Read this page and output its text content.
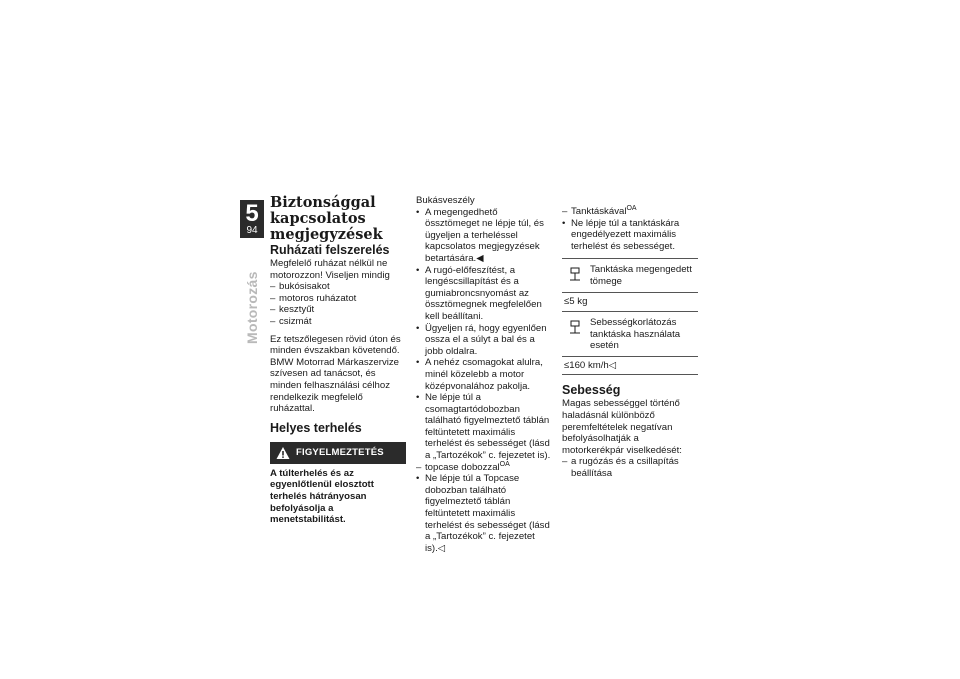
5
94
Motorozás

Biztonsággal kapcsolatos megjegyzések

Ruházati felszerelés

Megfelelő ruházat nélkül ne motorozzon! Viseljen mindig

– bukósisakot

– motoros ruházatot

– kesztyűt

– csizmát

Ez tetszőlegesen rövid úton és minden évszakban követendő. BMW Motorrad Márkaszervize szívesen ad tanácsot, és minden felhasználási célhoz rendelkezik megfelelő ruházattal.

Helyes terhelés

FIGYELMEZTETÉS

A túlterhelés és az egyenlőtlenül elosztott terhelés hátrányosan befolyásolja a menetstabilitást.

Bukásveszély

• A megengedhető össztömeget ne lépje túl, és ügyeljen a terheléssel kapcsolatos megjegyzések betartására.◀

• A rugó-előfeszítést, a lengéscsillapítást és a gumiabroncsnyomást az össztömegnek megfelelően kell beállítani.

• Ügyeljen rá, hogy egyenlően ossza el a súlyt a bal és a jobb oldalra.

• A nehéz csomagokat alulra, minél közelebb a motor középvonalához pakolja.

• Ne lépje túl a csomagtartódobozban található figyelmeztető táblán feltüntetett maximális terhelést és sebességet (lásd a „Tartozékok” c. fejezetet is).

– topcase dobozzal$^{OA}$

• Ne lépje túl a Topcase dobozban található figyelmeztető táblán feltüntetett maximális terhelést és sebességet (lásd a „Tartozékok” c. fejezetet is).◁

– Tanktáskával$^{OA}$

• Ne lépje túl a tanktáskára engedélyezett maximális terhelést és sebességet.

Tanktáska megengedett tömege
≤5 kg
Sebességkorlátozás tanktáska használata esetén
≤160 km/h◁

Sebesség

Magas sebességgel történő haladásnál különböző peremfeltételek negatívan befolyásolhatják a motorkerékpár viselkedését:

– a rugózás és a csillapítás beállítása
